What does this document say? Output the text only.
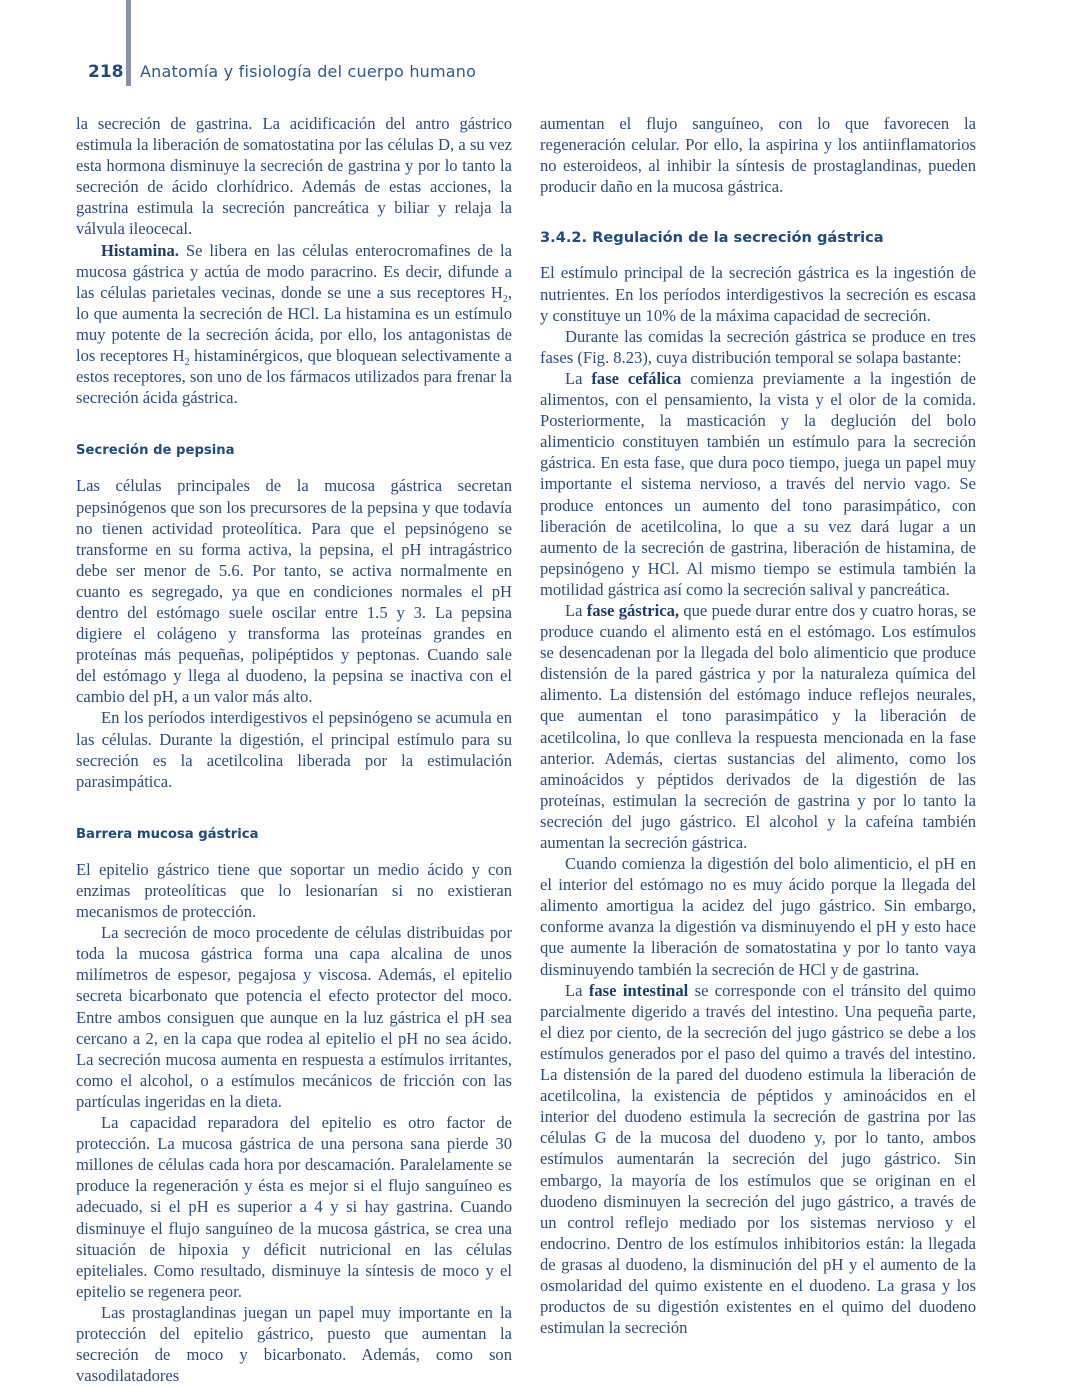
218 Anatomía y fisiología del cuerpo humano

la secreción de gastrina. La acidificación del antro gástrico estimula la liberación de somatostatina por las células D, a su vez esta hormona disminuye la secreción de gastrina y por lo tanto la secreción de ácido clorhídrico. Además de estas acciones, la gastrina estimula la secreción pancreática y biliar y relaja la válvula ileocecal.

Histamina. Se libera en las células enterocromafines de la mucosa gástrica y actúa de modo paracrino. Es decir, difunde a las células parietales vecinas, donde se une a sus receptores $H_2$, lo que aumenta la secreción de HCl. La histamina es un estímulo muy potente de la secreción ácida, por ello, los antagonistas de los receptores $H_2$ histaminérgicos, que bloquean selectivamente a estos receptores, son uno de los fármacos utilizados para frenar la secreción ácida gástrica.

Secreción de pepsina

Las células principales de la mucosa gástrica secretan pepsinógenos que son los precursores de la pepsina y que todavía no tienen actividad proteolítica. Para que el pepsinógeno se transforme en su forma activa, la pepsina, el pH intragástrico debe ser menor de 5.6. Por tanto, se activa normalmente en cuanto es segregado, ya que en condiciones normales el pH dentro del estómago suele oscilar entre 1.5 y 3. La pepsina digiere el colágeno y transforma las proteínas grandes en proteínas más pequeñas, polipéptidos y peptonas. Cuando sale del estómago y llega al duodeno, la pepsina se inactiva con el cambio del pH, a un valor más alto.

En los períodos interdigestivos el pepsinógeno se acumula en las células. Durante la digestión, el principal estímulo para su secreción es la acetilcolina liberada por la estimulación parasimpática.

Barrera mucosa gástrica

El epitelio gástrico tiene que soportar un medio ácido y con enzimas proteolíticas que lo lesionarían si no existieran mecanismos de protección.

La secreción de moco procedente de células distribuidas por toda la mucosa gástrica forma una capa alcalina de unos milímetros de espesor, pegajosa y viscosa. Además, el epitelio secreta bicarbonato que potencia el efecto protector del moco. Entre ambos consiguen que aunque en la luz gástrica el pH sea cercano a 2, en la capa que rodea al epitelio el pH no sea ácido. La secreción mucosa aumenta en respuesta a estímulos irritantes, como el alcohol, o a estímulos mecánicos de fricción con las partículas ingeridas en la dieta.

La capacidad reparadora del epitelio es otro factor de protección. La mucosa gástrica de una persona sana pierde 30 millones de células cada hora por descamación. Paralelamente se produce la regeneración y ésta es mejor si el flujo sanguíneo es adecuado, si el pH es superior a 4 y si hay gastrina. Cuando disminuye el flujo sanguíneo de la mucosa gástrica, se crea una situación de hipoxia y déficit nutricional en las células epiteliales. Como resultado, disminuye la síntesis de moco y el epitelio se regenera peor.

Las prostaglandinas juegan un papel muy importante en la protección del epitelio gástrico, puesto que aumentan la secreción de moco y bicarbonato. Además, como son vasodilatadores

aumentan el flujo sanguíneo, con lo que favorecen la regeneración celular. Por ello, la aspirina y los antiinflamatorios no esteroideos, al inhibir la síntesis de prostaglandinas, pueden producir daño en la mucosa gástrica.

3.4.2. Regulación de la secreción gástrica

El estímulo principal de la secreción gástrica es la ingestión de nutrientes. En los períodos interdigestivos la secreción es escasa y constituye un 10% de la máxima capacidad de secreción.

Durante las comidas la secreción gástrica se produce en tres fases (Fig. 8.23), cuya distribución temporal se solapa bastante:

La fase cefálica comienza previamente a la ingestión de alimentos, con el pensamiento, la vista y el olor de la comida. Posteriormente, la masticación y la deglución del bolo alimenticio constituyen también un estímulo para la secreción gástrica. En esta fase, que dura poco tiempo, juega un papel muy importante el sistema nervioso, a través del nervio vago. Se produce entonces un aumento del tono parasimpático, con liberación de acetilcolina, lo que a su vez dará lugar a un aumento de la secreción de gastrina, liberación de histamina, de pepsinógeno y HCl. Al mismo tiempo se estimula también la motilidad gástrica así como la secreción salival y pancreática.

La fase gástrica, que puede durar entre dos y cuatro horas, se produce cuando el alimento está en el estómago. Los estímulos se desencadenan por la llegada del bolo alimenticio que produce distensión de la pared gástrica y por la naturaleza química del alimento. La distensión del estómago induce reflejos neurales, que aumentan el tono parasimpático y la liberación de acetilcolina, lo que conlleva la respuesta mencionada en la fase anterior. Además, ciertas sustancias del alimento, como los aminoácidos y péptidos derivados de la digestión de las proteínas, estimulan la secreción de gastrina y por lo tanto la secreción del jugo gástrico. El alcohol y la cafeína también aumentan la secreción gástrica.

Cuando comienza la digestión del bolo alimenticio, el pH en el interior del estómago no es muy ácido porque la llegada del alimento amortigua la acidez del jugo gástrico. Sin embargo, conforme avanza la digestión va disminuyendo el pH y esto hace que aumente la liberación de somatostatina y por lo tanto vaya disminuyendo también la secreción de HCl y de gastrina.

La fase intestinal se corresponde con el tránsito del quimo parcialmente digerido a través del intestino. Una pequeña parte, el diez por ciento, de la secreción del jugo gástrico se debe a los estímulos generados por el paso del quimo a través del intestino. La distensión de la pared del duodeno estimula la liberación de acetilcolina, la existencia de péptidos y aminoácidos en el interior del duodeno estimula la secreción de gastrina por las células G de la mucosa del duodeno y, por lo tanto, ambos estímulos aumentarán la secreción del jugo gástrico. Sin embargo, la mayoría de los estímulos que se originan en el duodeno disminuyen la secreción del jugo gástrico, a través de un control reflejo mediado por los sistemas nervioso y el endocrino. Dentro de los estímulos inhibitorios están: la llegada de grasas al duodeno, la disminución del pH y el aumento de la osmolaridad del quimo existente en el duodeno. La grasa y los productos de su digestión existentes en el quimo del duodeno estimulan la secreción
